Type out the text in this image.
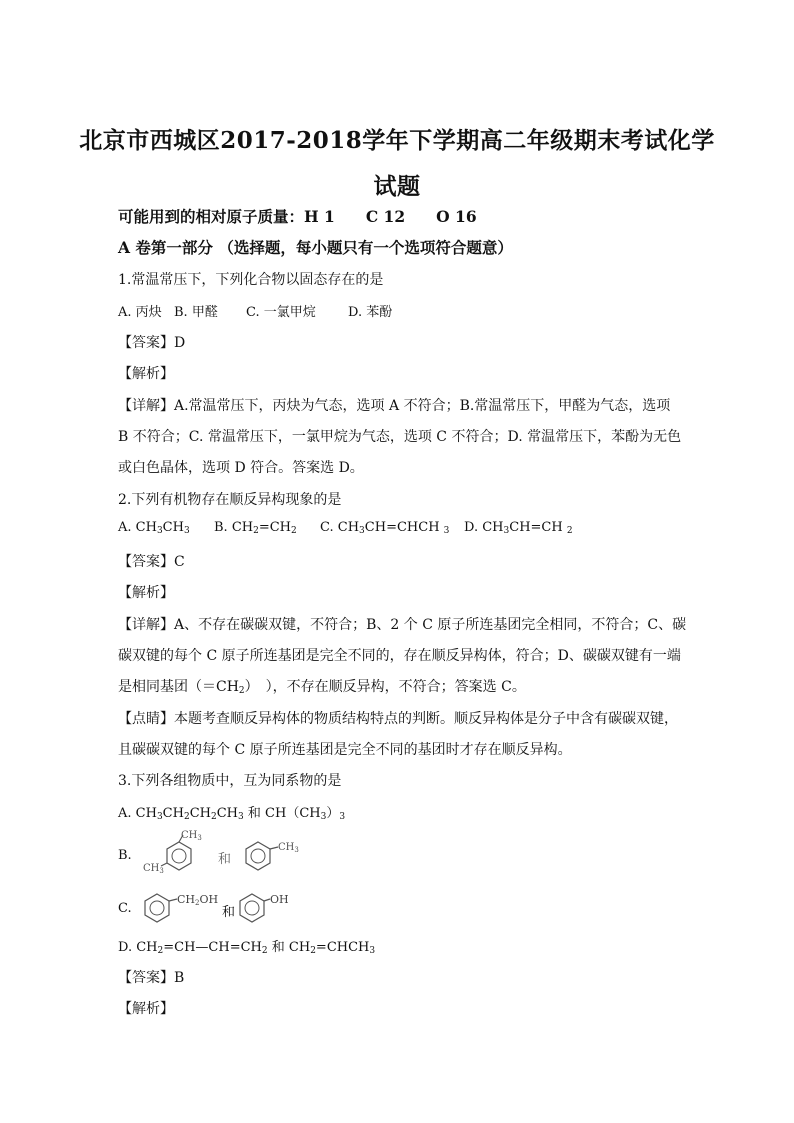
北京市西城区2017-2018学年下学期高二年级期末考试化学
试题
可能用到的相对原子质量：H 1　　C 12　　O 16
A 卷第一部分 （选择题，每小题只有一个选项符合题意）
1.常温常压下，下列化合物以固态存在的是
A. 丙炔 B. 甲醛 C. 一氯甲烷 D. 苯酚
【答案】D
【解析】
【详解】A.常温常压下，丙炔为气态，选项 A 不符合；B.常温常压下，甲醛为气态，选项
B 不符合；C. 常温常压下，一氯甲烷为气态，选项 C 不符合；D. 常温常压下，苯酚为无色
或白色晶体，选项 D 符合。答案选 D。
2.下列有机物存在顺反异构现象的是
A. $CH_3CH_3$ B. $CH_2=CH_2$ C. $CH_3CH=CHCH$ $_3$ D. $CH_3CH=CH$ $_2$
【答案】C
【解析】
【详解】A、不存在碳碳双键，不符合；B、2 个 C 原子所连基团完全相同，不符合；C、碳
碳双键的每个 C 原子所连基团是完全不同的，存在顺反异构体，符合；D、碳碳双键有一端
是相同基团$(=CH_2)$　），不存在顺反异构，不符合；答案选 C。
【点睛】本题考查顺反异构体的物质结构特点的判断。顺反异构体是分子中含有碳碳双键，
且碳碳双键的每个 C 原子所连基团是完全不同的基团时才存在顺反异构。
3.下列各组物质中，互为同系物的是
A. $CH_3CH_2CH_2CH_3$ 和 $CH(CH_3)_3$
B.
$CH_3$
$CH_3$
和
$CH_3$
C.
CH2OH
和
OH
D. $CH_2=CH—CH=CH_2$ 和 $CH_2=CHCH_3$
【答案】B
【解析】
